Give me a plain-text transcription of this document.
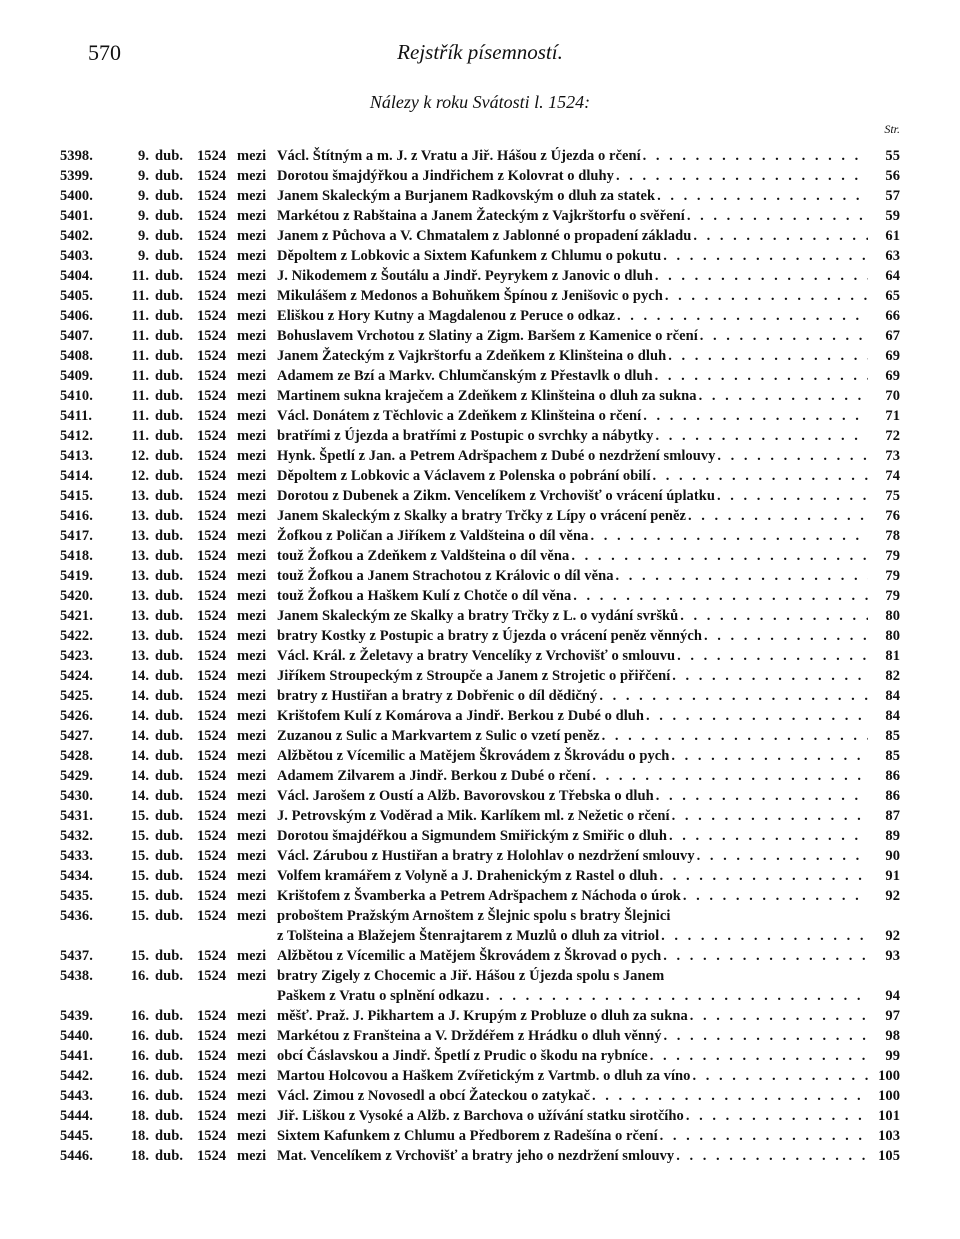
570	Rejstřík písemností.
Nálezy k roku Svátosti l. 1524:
Str.
5398.	9. dub. 1524 mezi Václ. Štítným a m. J. z Vratu a Jiř. Hášou z Újezda o rčení . . .	55
5399.	9. dub. 1524 mezi Dorotou šmajdýřkou a Jindřichem z Kolovrat o dluhy . . .	56
5400.	9. dub. 1524 mezi Janem Skaleckým a Burjanem Radkovským o dluh za statek . . .	57
5401.	9. dub. 1524 mezi Markétou z Rabštaina a Janem Žateckým z Vajkrštorfu o svěření . . .	59
5402.	9. dub. 1524 mezi Janem z Půchova a V. Chmatalem z Jablonné o propadení základu . . .	61
5403.	9. dub. 1524 mezi Děpoltem z Lobkovic a Sixtem Kafunkem z Chlumu o pokutu . . .	63
5404.	11. dub. 1524 mezi J. Nikodemem z Šoutálu a Jindř. Peyrykem z Janovic o dluh . . .	64
5405.	11. dub. 1524 mezi Mikulášem z Medonos a Bohuňkem Špínou z Jenišovic o pych . . .	65
5406.	11. dub. 1524 mezi Eliškou z Hory Kutny a Magdalenou z Peruce o odkaz . . .	66
5407.	11. dub. 1524 mezi Bohuslavem Vrchotou z Slatiny a Zigm. Baršem z Kamenice o rčení . . .	67
5408.	11. dub. 1524 mezi Janem Žateckým z Vajkrštorfu a Zdeňkem z Klinšteina o dluh . . .	69
5409.	11. dub. 1524 mezi Adamem ze Bzí a Markv. Chlumčanským z Přestavlk o dluh . . .	69
5410.	11. dub. 1524 mezi Martinem sukna kraječem a Zdeňkem z Klinšteina o dluh za sukna . . .	70
5411.	11. dub. 1524 mezi Václ. Donátem z Těchlovic a Zdeňkem z Klinšteina o rčení . . .	71
5412.	11. dub. 1524 mezi bratřími z Újezda a bratřími z Postupic o svrchky a nábytky . . .	72
5413.	12. dub. 1524 mezi Hynk. Špetlí z Jan. a Petrem Adršpachem z Dubé o nezdržení smlouvy . . .	73
5414.	12. dub. 1524 mezi Děpoltem z Lobkovic a Václavem z Polenska o pobrání obilí . . .	74
5415.	13. dub. 1524 mezi Dorotou z Dubenek a Zikm. Vencelíkem z Vrchovišť o vrácení úplatku . . .	75
5416.	13. dub. 1524 mezi Janem Skaleckým z Skalky a bratry Trčky z Lípy o vrácení peněz . . .	76
5417.	13. dub. 1524 mezi Žofkou z Poličan a Jiříkem z Valdšteina o díl věna . . .	78
5418.	13. dub. 1524 mezi touž Žofkou a Zdeňkem z Valdšteina o díl věna . . .	79
5419.	13. dub. 1524 mezi touž Žofkou a Janem Strachotou z Královic o díl věna . . .	79
5420.	13. dub. 1524 mezi touž Žofkou a Haškem Kulí z Chotče o díl věna . . .	79
5421.	13. dub. 1524 mezi Janem Skaleckým ze Skalky a bratry Trčky z L. o vydání svršků . . .	80
5422.	13. dub. 1524 mezi bratry Kostky z Postupic a bratry z Újezda o vrácení peněz věnných . . .	80
5423.	13. dub. 1524 mezi Václ. Král. z Želetavy a bratry Vencelíky z Vrchovišť o smlouvu . . .	81
5424.	14. dub. 1524 mezi Jiříkem Stroupeckým z Stroupče a Janem z Strojetic o přiřčení . . .	82
5425.	14. dub. 1524 mezi bratry z Hustiřan a bratry z Dobřenic o díl dědičný . . .	84
5426.	14. dub. 1524 mezi Krištofem Kulí z Komárova a Jindř. Berkou z Dubé o dluh . . .	84
5427.	14. dub. 1524 mezi Zuzanou z Sulic a Markvartem z Sulic o vzetí peněz . . .	85
5428.	14. dub. 1524 mezi Alžbětou z Vícemilic a Matějem Škrovádem z Škrovádu o pych . . .	85
5429.	14. dub. 1524 mezi Adamem Zilvarem a Jindř. Berkou z Dubé o rčení . . .	86
5430.	14. dub. 1524 mezi Václ. Jarošem z Oustí a Alžb. Bavorovskou z Třebska o dluh . . .	86
5431.	15. dub. 1524 mezi J. Petrovským z Voděrad a Mik. Karlíkem ml. z Nežetic o rčení . . .	87
5432.	15. dub. 1524 mezi Dorotou šmajdéřkou a Sigmundem Smiřickým z Smiřic o dluh . . .	89
5433.	15. dub. 1524 mezi Václ. Zárubou z Hustiřan a bratry z Holohlav o nezdržení smlouvy . . .	90
5434.	15. dub. 1524 mezi Volfem kramářem z Volyně a J. Drahenickým z Rastel o dluh . . .	91
5435.	15. dub. 1524 mezi Krištofem z Švamberka a Petrem Adršpachem z Náchoda o úrok . . .	92
5436.	15. dub. 1524 mezi proboštem Pražským Arnoštem z Šlejnic spolu s bratry Šlejnici
z Tolšteina a Blažejem Štenrajtarem z Muzlů o dluh za vitriol . . .	92
5437.	15. dub. 1524 mezi Alžbětou z Vícemilic a Matějem Škrovádem z Škrovad o pych . . .	93
5438.	16. dub. 1524 mezi bratry Zigely z Chocemic a Jiř. Hášou z Újezda spolu s Janem
Paškem z Vratu o splnění odkazu . . .	94
5439.	16. dub. 1524 mezi měšť. Praž. J. Pikhartem a J. Krupým z Probluze o dluh za sukna . . .	97
5440.	16. dub. 1524 mezi Markétou z Franšteina a V. Drždéřem z Hrádku o dluh věnný . . .	98
5441.	16. dub. 1524 mezi obcí Čáslavskou a Jindř. Špetlí z Prudic o škodu na rybníce . . .	99
5442.	16. dub. 1524 mezi Martou Holcovou a Haškem Zvířetickým z Vartmb. o dluh za víno . . .	100
5443.	16. dub. 1524 mezi Václ. Zimou z Novosedl a obcí Žateckou o zatykač . . .	100
5444.	18. dub. 1524 mezi Jiř. Liškou z Vysoké a Alžb. z Barchova o užívání statku sirotčího . . .	101
5445.	18. dub. 1524 mezi Sixtem Kafunkem z Chlumu a Předborem z Radešína o rčení . . .	103
5446.	18. dub. 1524 mezi Mat. Vencelíkem z Vrchovišť a bratry jeho o nezdržení smlouvy . . .	105
